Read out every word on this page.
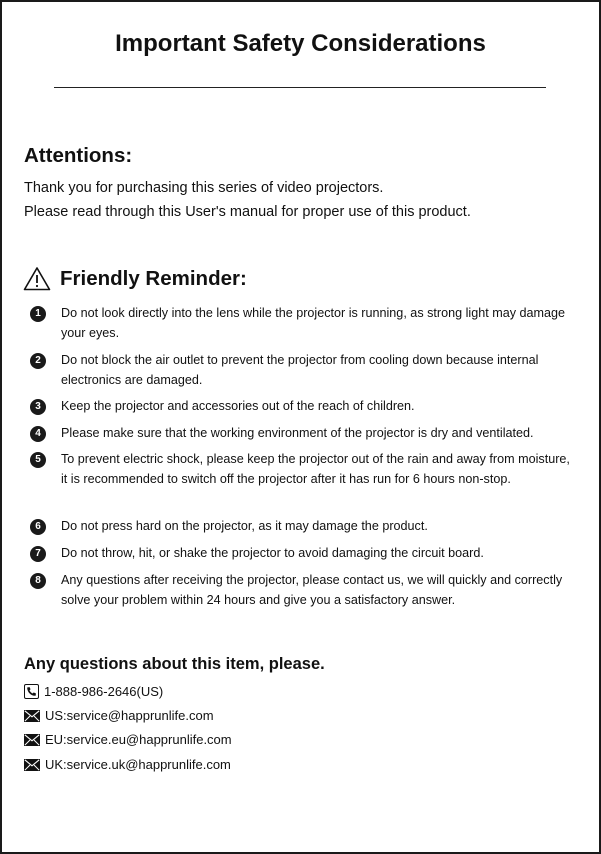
Important Safety Considerations
Attentions:
Thank you for purchasing this series of video projectors.
Please read through this User's manual for proper use of this product.
Friendly Reminder:
1	Do not look directly into the lens while the projector is running, as strong light may damage your eyes.
2	Do not block the air outlet to prevent the projector from cooling down because internal electronics are damaged.
3	Keep the projector and accessories out of the reach of children.
4	Please make sure that the working environment of the projector is dry and ventilated.
5	To prevent electric shock, please keep the projector out of the rain and away from moisture, it is recommended to switch off the projector after it has run for 6 hours non-stop.
6	Do not press hard on the projector, as it may damage the product.
7	Do not throw, hit, or shake the projector to avoid damaging the circuit board.
8	Any questions after receiving the projector, please contact us, we will quickly and correctly solve your problem within 24 hours and give you a satisfactory answer.
Any questions about this item, please.
1-888-986-2646(US)
US:service@happrunlife.com
EU:service.eu@happrunlife.com
UK:service.uk@happrunlife.com
